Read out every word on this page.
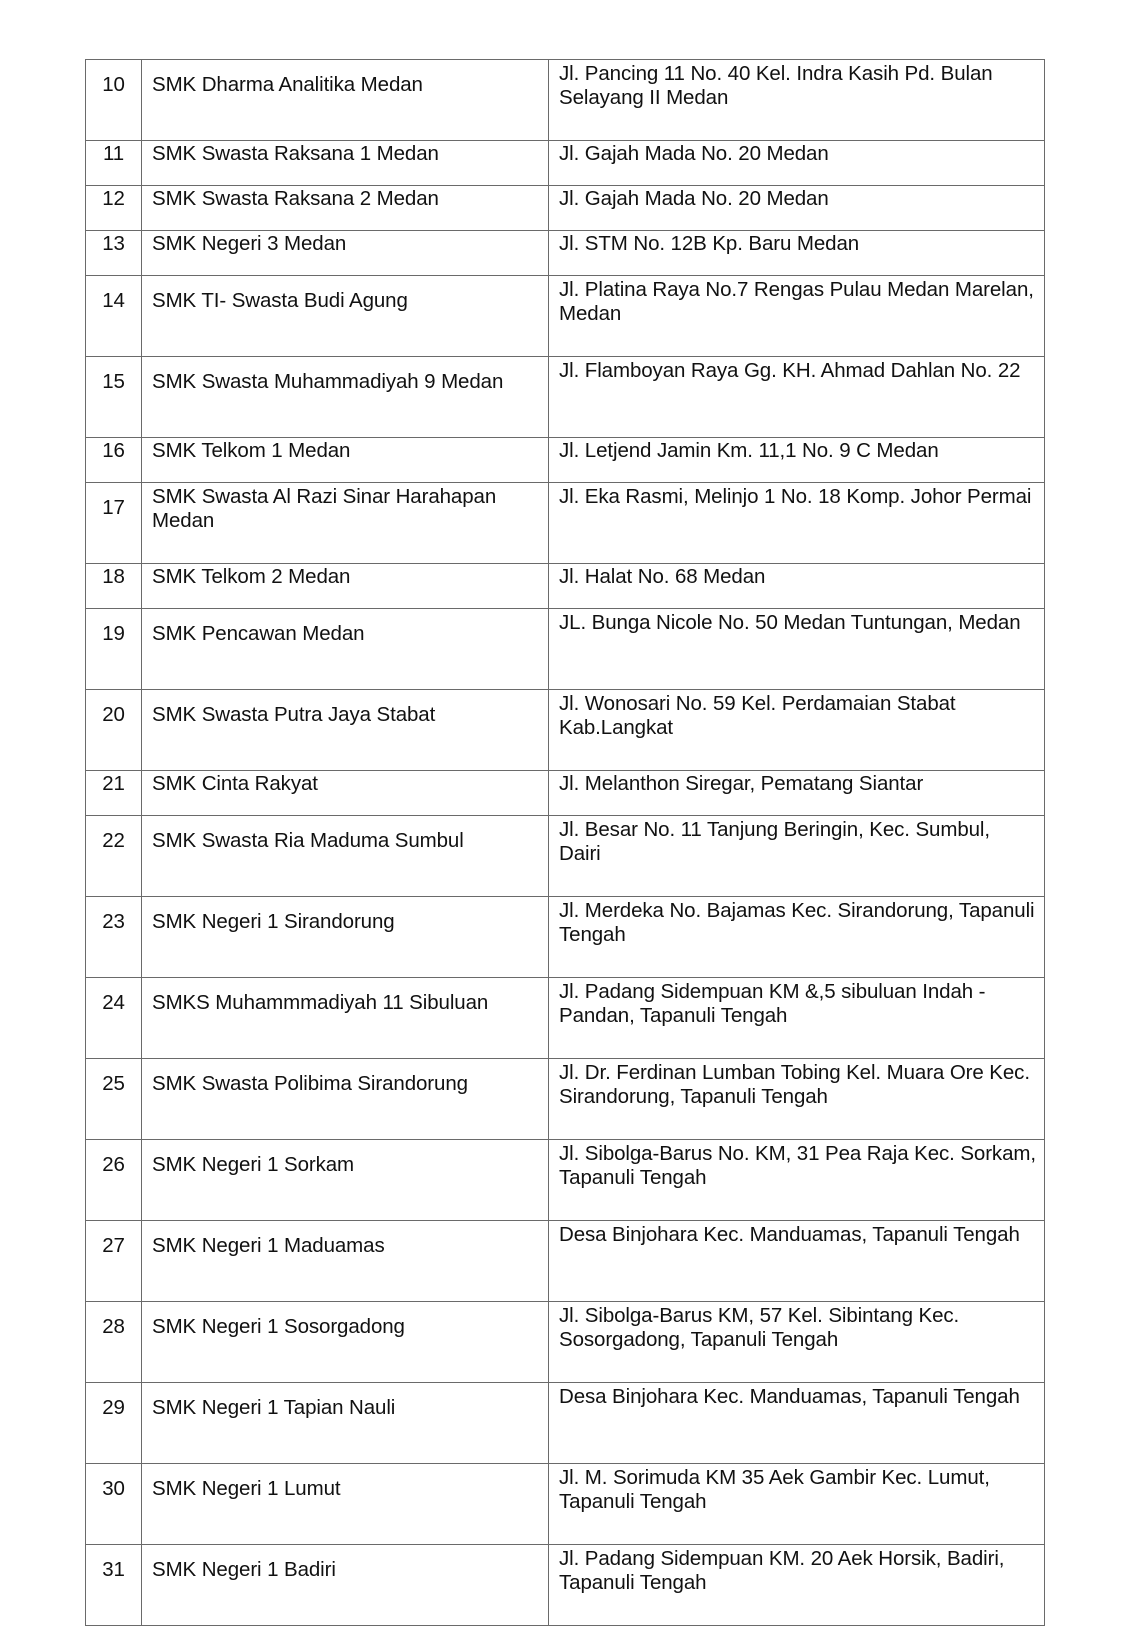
10	SMK Dharma Analitika Medan	Jl. Pancing 11 No. 40 Kel. Indra Kasih Pd. Bulan Selayang II Medan
11	SMK Swasta Raksana 1 Medan	Jl. Gajah Mada No. 20 Medan
12	SMK Swasta Raksana 2 Medan	Jl. Gajah Mada No. 20 Medan
13	SMK Negeri 3 Medan	Jl. STM No. 12B Kp. Baru Medan
14	SMK TI- Swasta Budi Agung	Jl. Platina Raya No.7 Rengas Pulau Medan Marelan, Medan
15	SMK Swasta Muhammadiyah 9 Medan	Jl. Flamboyan Raya Gg. KH. Ahmad Dahlan No. 22
16	SMK Telkom 1 Medan	Jl. Letjend Jamin Km. 11,1 No. 9 C Medan
17	SMK Swasta Al Razi Sinar Harahapan Medan	Jl. Eka Rasmi, Melinjo 1 No. 18 Komp. Johor Permai
18	SMK Telkom 2 Medan	Jl. Halat No. 68 Medan
19	SMK Pencawan Medan	JL. Bunga Nicole No. 50 Medan Tuntungan, Medan
20	SMK Swasta Putra Jaya Stabat	Jl. Wonosari No. 59 Kel. Perdamaian Stabat Kab.Langkat
21	SMK Cinta Rakyat	Jl. Melanthon Siregar, Pematang Siantar
22	SMK Swasta Ria Maduma Sumbul	Jl. Besar No. 11 Tanjung Beringin, Kec. Sumbul, Dairi
23	SMK Negeri 1 Sirandorung	Jl. Merdeka No. Bajamas Kec. Sirandorung, Tapanuli Tengah
24	SMKS Muhammmadiyah 11 Sibuluan	Jl. Padang Sidempuan KM &,5 sibuluan Indah - Pandan, Tapanuli Tengah
25	SMK Swasta Polibima Sirandorung	Jl. Dr. Ferdinan Lumban Tobing Kel. Muara Ore Kec. Sirandorung, Tapanuli Tengah
26	SMK Negeri 1 Sorkam	Jl. Sibolga-Barus No. KM, 31 Pea Raja Kec. Sorkam, Tapanuli Tengah
27	SMK Negeri 1 Maduamas	Desa Binjohara Kec. Manduamas, Tapanuli Tengah
28	SMK Negeri 1 Sosorgadong	Jl. Sibolga-Barus KM, 57 Kel. Sibintang Kec. Sosorgadong, Tapanuli Tengah
29	SMK Negeri 1 Tapian Nauli	Desa Binjohara Kec. Manduamas, Tapanuli Tengah
30	SMK Negeri 1 Lumut	Jl. M. Sorimuda KM 35 Aek Gambir Kec. Lumut, Tapanuli Tengah
31	SMK Negeri 1 Badiri	Jl. Padang Sidempuan KM. 20 Aek Horsik, Badiri, Tapanuli Tengah
